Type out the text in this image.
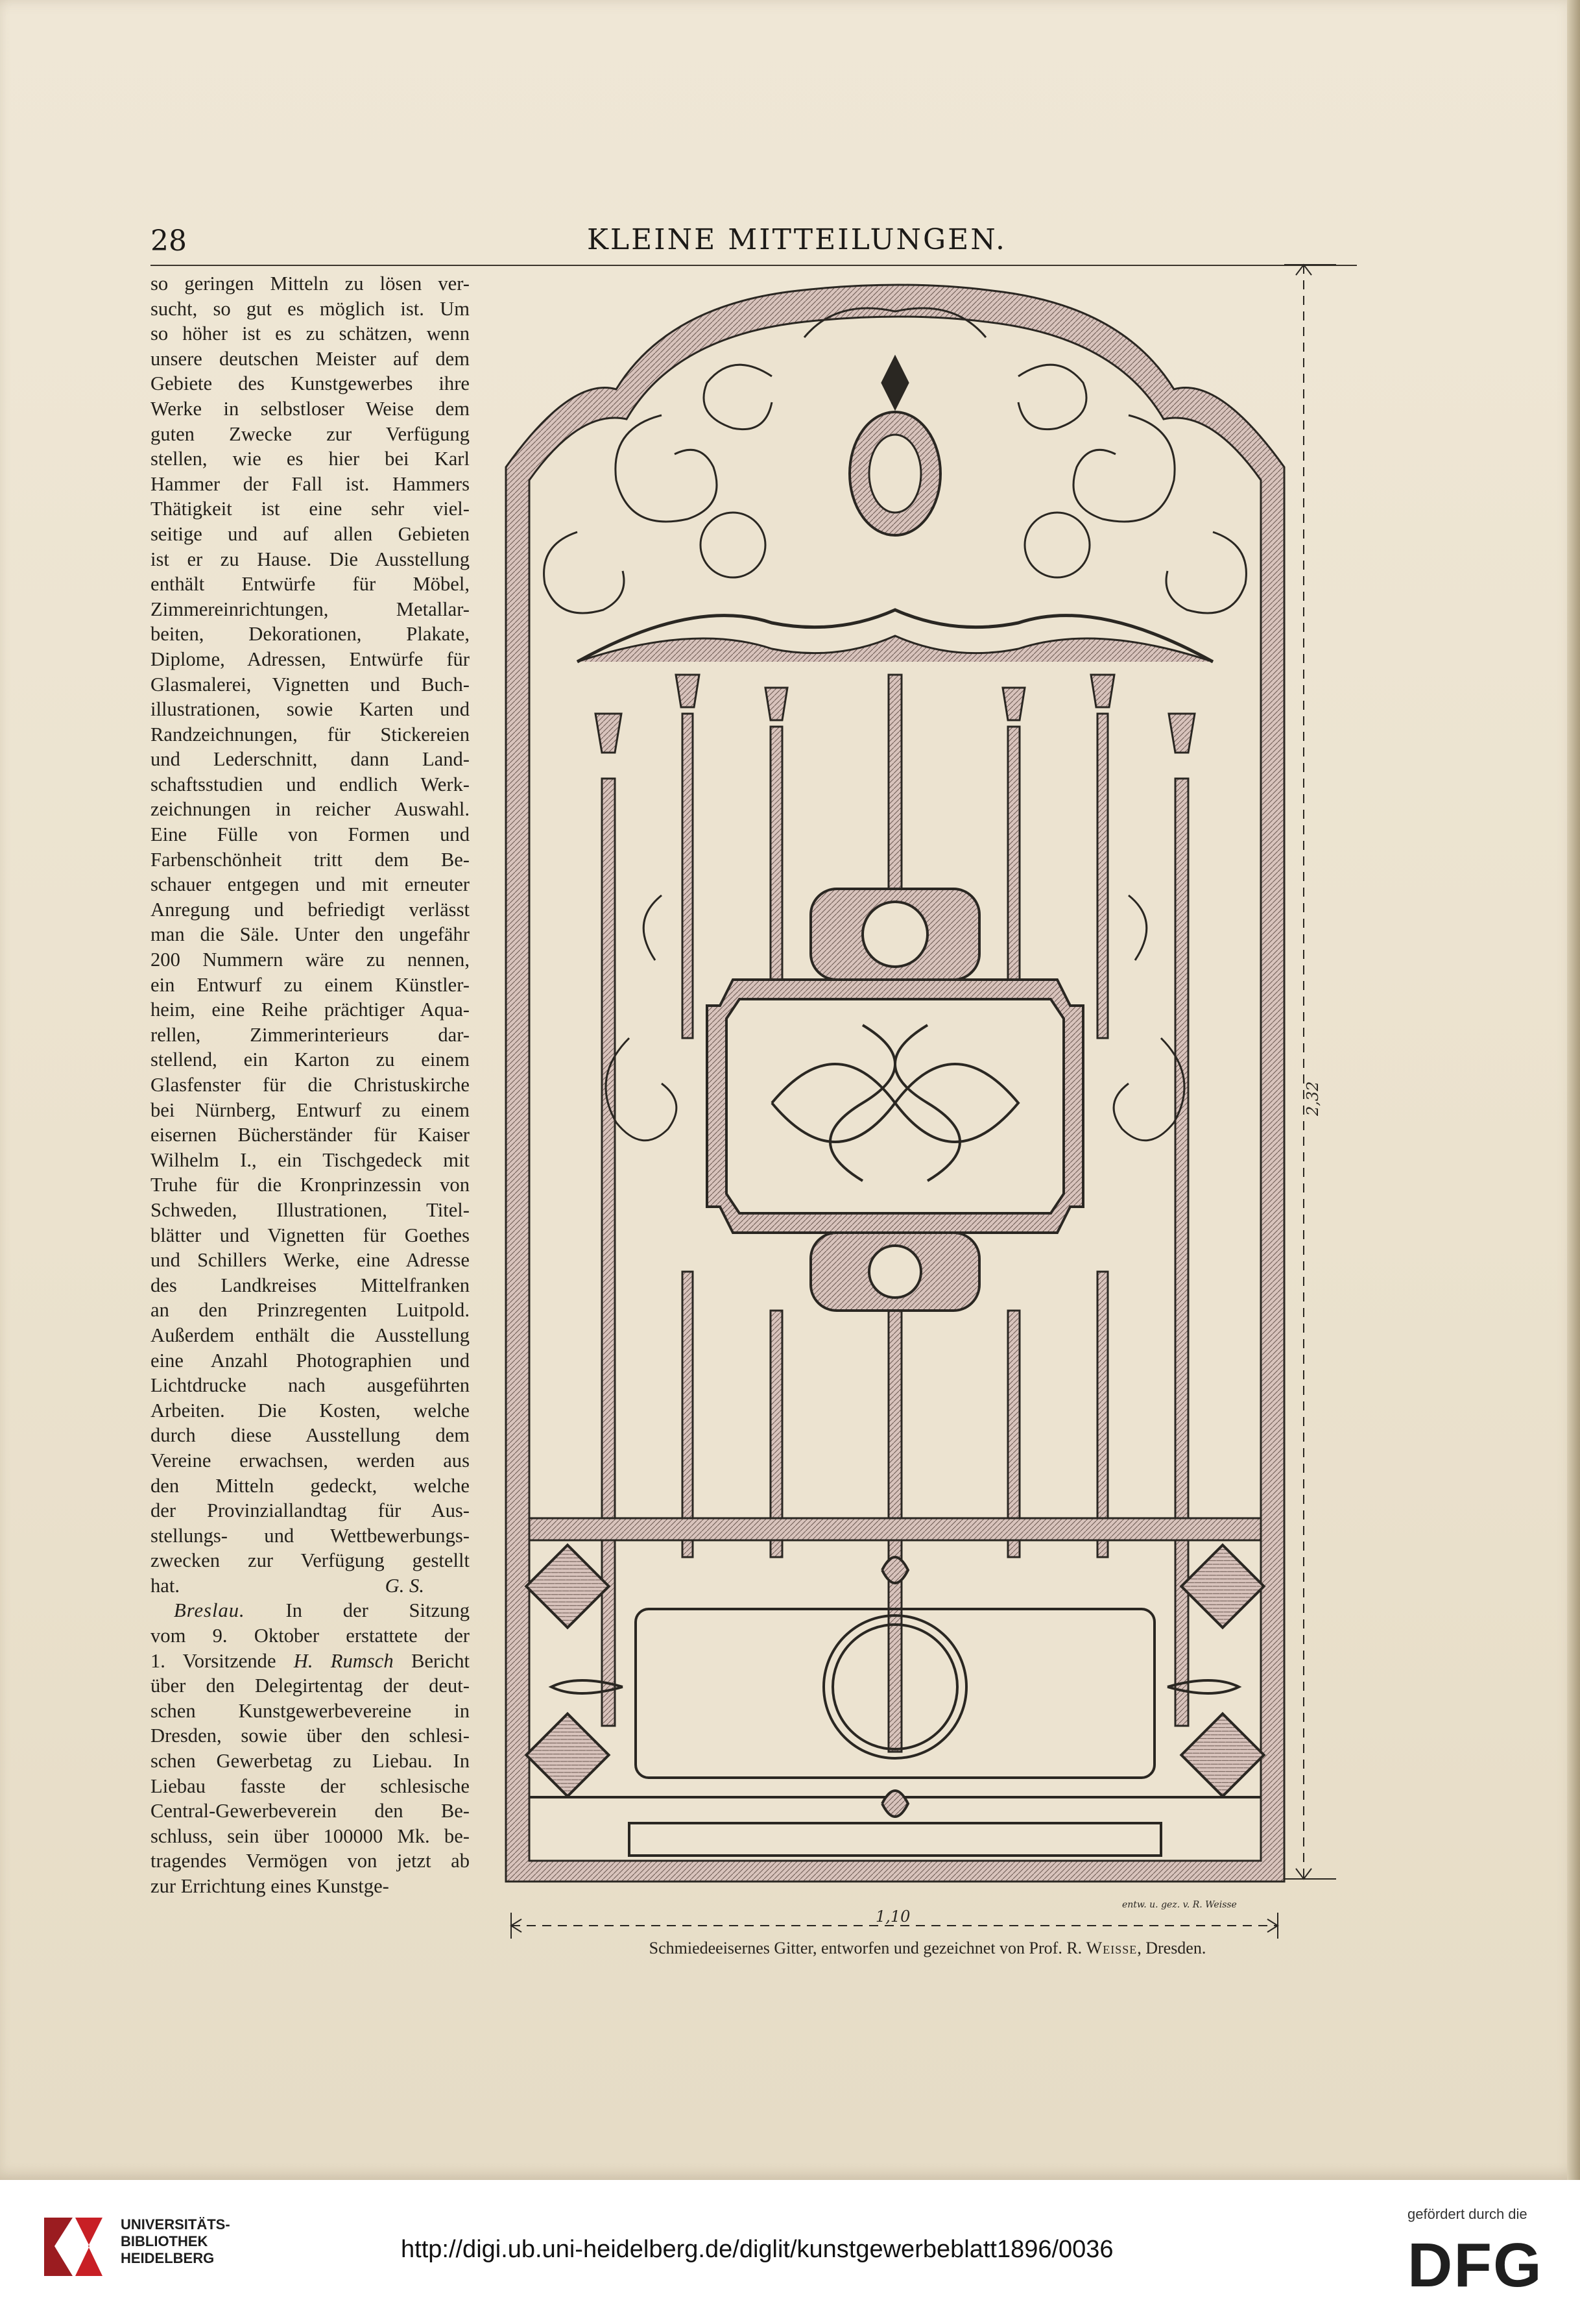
28	KLEINE MITTEILUNGEN.
so geringen Mitteln zu lösen ver-
sucht, so gut es möglich ist. Um
so höher ist es zu schätzen, wenn
unsere deutschen Meister auf dem
Gebiete des Kunstgewerbes ihre
Werke in selbstloser Weise dem
guten Zwecke zur Verfügung
stellen, wie es hier bei Karl
Hammer der Fall ist. Hammers
Thätigkeit ist eine sehr viel-
seitige und auf allen Gebieten
ist er zu Hause. Die Ausstellung
enthält Entwürfe für Möbel,
Zimmereinrichtungen, Metallar-
beiten, Dekorationen, Plakate,
Diplome, Adressen, Entwürfe für
Glasmalerei, Vignetten und Buch-
illustrationen, sowie Karten und
Randzeichnungen, für Stickereien
und Lederschnitt, dann Land-
schaftsstudien und endlich Werk-
zeichnungen in reicher Auswahl.
Eine Fülle von Formen und
Farbenschönheit tritt dem Be-
schauer entgegen und mit erneuter
Anregung und befriedigt verlässt
man die Säle. Unter den ungefähr
200 Nummern wäre zu nennen,
ein Entwurf zu einem Künstler-
heim, eine Reihe prächtiger Aqua-
rellen, Zimmerinterieurs dar-
stellend, ein Karton zu einem
Glasfenster für die Christuskirche
bei Nürnberg, Entwurf zu einem
eisernen Bücherständer für Kaiser
Wilhelm I., ein Tischgedeck mit
Truhe für die Kronprinzessin von
Schweden, Illustrationen, Titel-
blätter und Vignetten für Goethes
und Schillers Werke, eine Adresse
des Landkreises Mittelfranken
an den Prinzregenten Luitpold.
Außerdem enthält die Ausstellung
eine Anzahl Photographien und
Lichtdrucke nach ausgeführten
Arbeiten. Die Kosten, welche
durch diese Ausstellung dem
Vereine erwachsen, werden aus
den Mitteln gedeckt, welche
der Provinziallandtag für Aus-
stellungs- und Wettbewerbungs-
zwecken zur Verfügung gestellt
hat.	G. S.
Breslau. In der Sitzung
vom 9. Oktober erstattete der
1. Vorsitzende H. Rumsch Bericht
über den Delegirtentag der deut-
schen Kunstgewerbevereine in
Dresden, sowie über den schlesi-
schen Gewerbetag zu Liebau. In
Liebau fasste der schlesische
Central-Gewerbeverein den Be-
schluss, sein über 100000 Mk. be-
tragendes Vermögen von jetzt ab
zur Errichtung eines Kunstge-
2,32
1,10
entw. u. gez. v. R. Weisse
Schmiedeeisernes Gitter, entworfen und gezeichnet von Prof. R. Weisse, Dresden.
UNIVERSITÄTS-
BIBLIOTHEK
HEIDELBERG	http://digi.ub.uni-heidelberg.de/diglit/kunstgewerbeblatt1896/0036
gefördert durch die
DFG
